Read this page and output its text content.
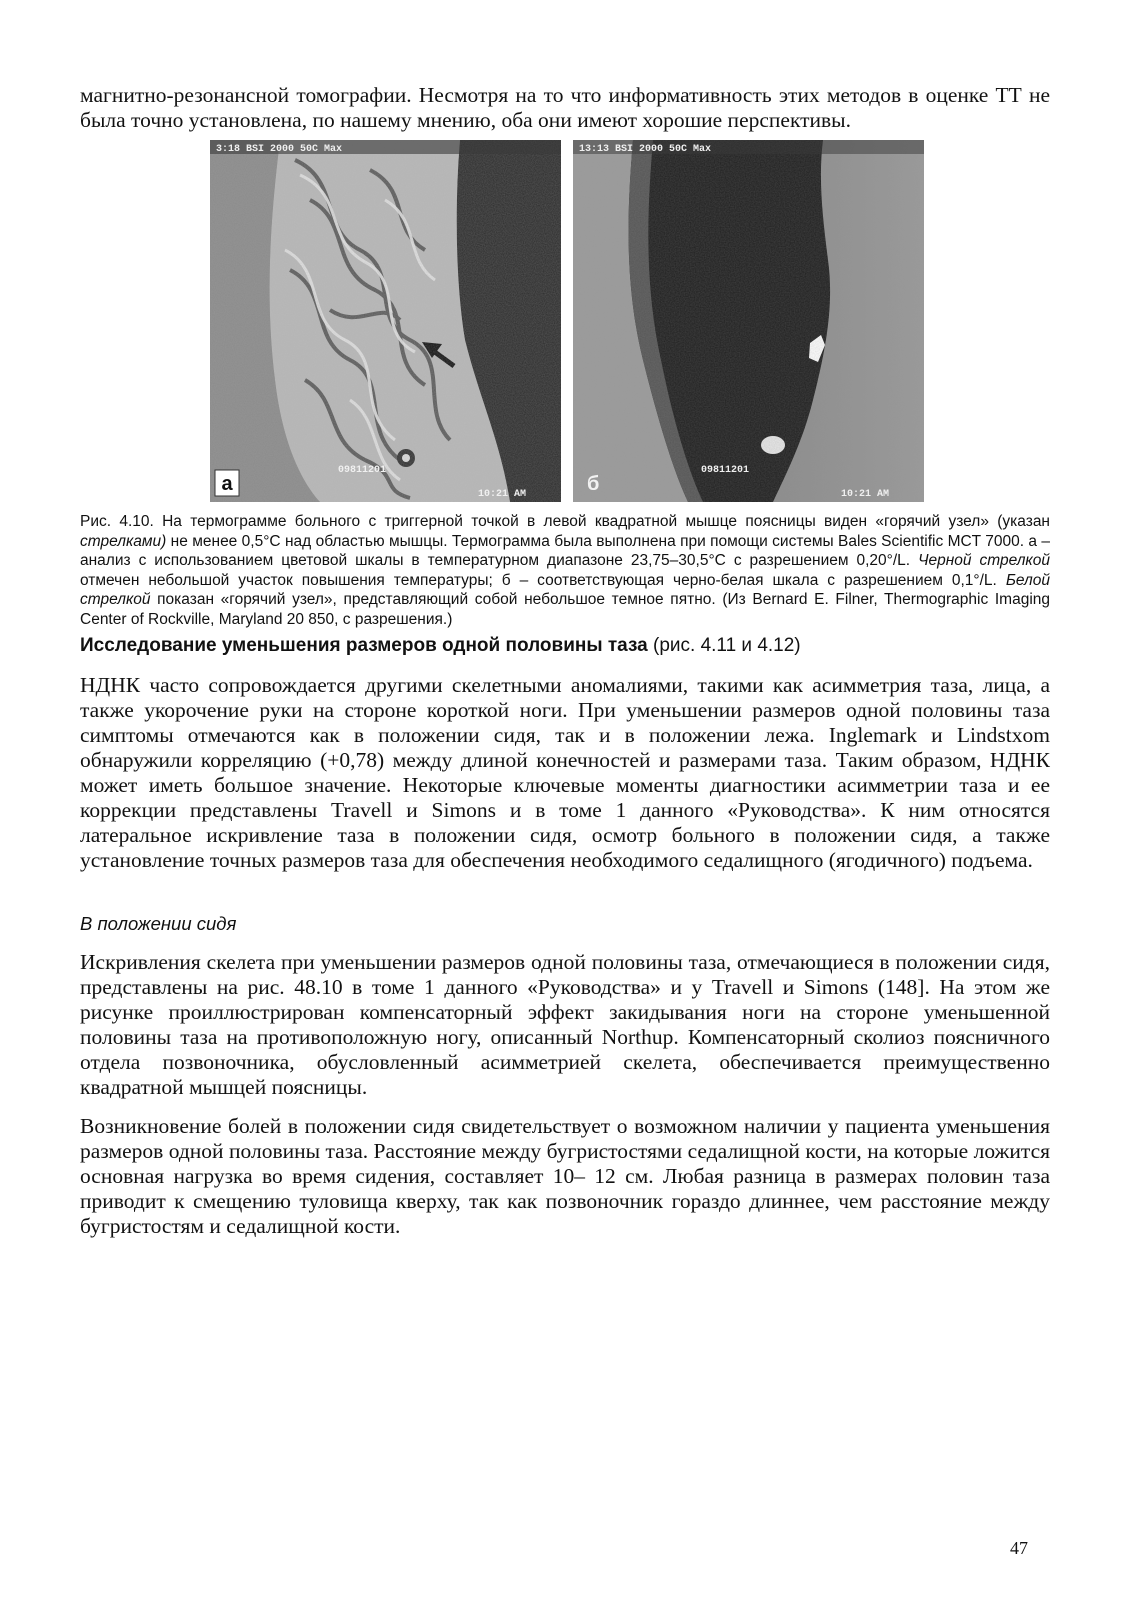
магнитно-резонансной томографии. Несмотря на то что информативность этих методов в оценке ТТ не была точно установлена, по нашему мнению, оба они имеют хорошие перспективы.

3:18 BSI 2000 50C Max
09811201
10:21 AM
а
13:13 BSI 2000 50C Max
09811201
10:21 AM
б

Рис. 4.10. На термограмме больного с триггерной точкой в левой квадратной мышце поясницы виден «горячий узел» (указан стрелками) не менее 0,5°C над областью мышцы. Термограмма была выполнена при помощи системы Bales Scientific MCT 7000. а – анализ с использованием цветовой шкалы в температурном диапазоне 23,75–30,5°С с разрешением 0,20°/L. Черной стрелкой отмечен небольшой участок повышения температуры; б – соответствующая черно-белая шкала с разрешением 0,1°/L. Белой стрелкой показан «горячий узел», представляющий собой небольшое темное пятно. (Из Bernard E. Filner, Thermographic Imaging Center of Rockville, Maryland 20 850, с разрешения.)

Исследование уменьшения размеров одной половины таза (рис. 4.11 и 4.12)

НДНК часто сопровождается другими скелетными аномалиями, такими как асимметрия таза, лица, а также укорочение руки на стороне короткой ноги. При уменьшении размеров одной половины таза симптомы отмечаются как в положении сидя, так и в положении лежа. Inglemark и Lindstxom обнаружили корреляцию (+0,78) между длиной конечностей и размерами таза. Таким образом, НДНК может иметь большое значение. Некоторые ключевые моменты диагностики асимметрии таза и ее коррекции представлены Travell и Simons и в томе 1 данного «Руководства». К ним относятся латеральное искривление таза в положении сидя, осмотр больного в положении сидя, а также установление точных размеров таза для обеспечения необходимого седалищного (ягодичного) подъема.

В положении сидя

Искривления скелета при уменьшении размеров одной половины таза, отмечающиеся в положении сидя, представлены на рис. 48.10 в томе 1 данного «Руководства» и у Travell и Simons (148]. На этом же рисунке проиллюстрирован компенсаторный эффект закидывания ноги на стороне уменьшенной половины таза на противоположную ногу, описанный Northup. Компенсаторный сколиоз поясничного отдела позвоночника, обусловленный асимметрией скелета, обеспечивается преимущественно квадратной мышцей поясницы.

Возникновение болей в положении сидя свидетельствует о возможном наличии у пациента уменьшения размеров одной половины таза. Расстояние между бугристостями седалищной кости, на которые ложится основная нагрузка во время сидения, составляет 10– 12 см. Любая разница в размерах половин таза приводит к смещению туловища кверху, так как позвоночник гораздо длиннее, чем расстояние между бугристостям и седалищной кости.

47
